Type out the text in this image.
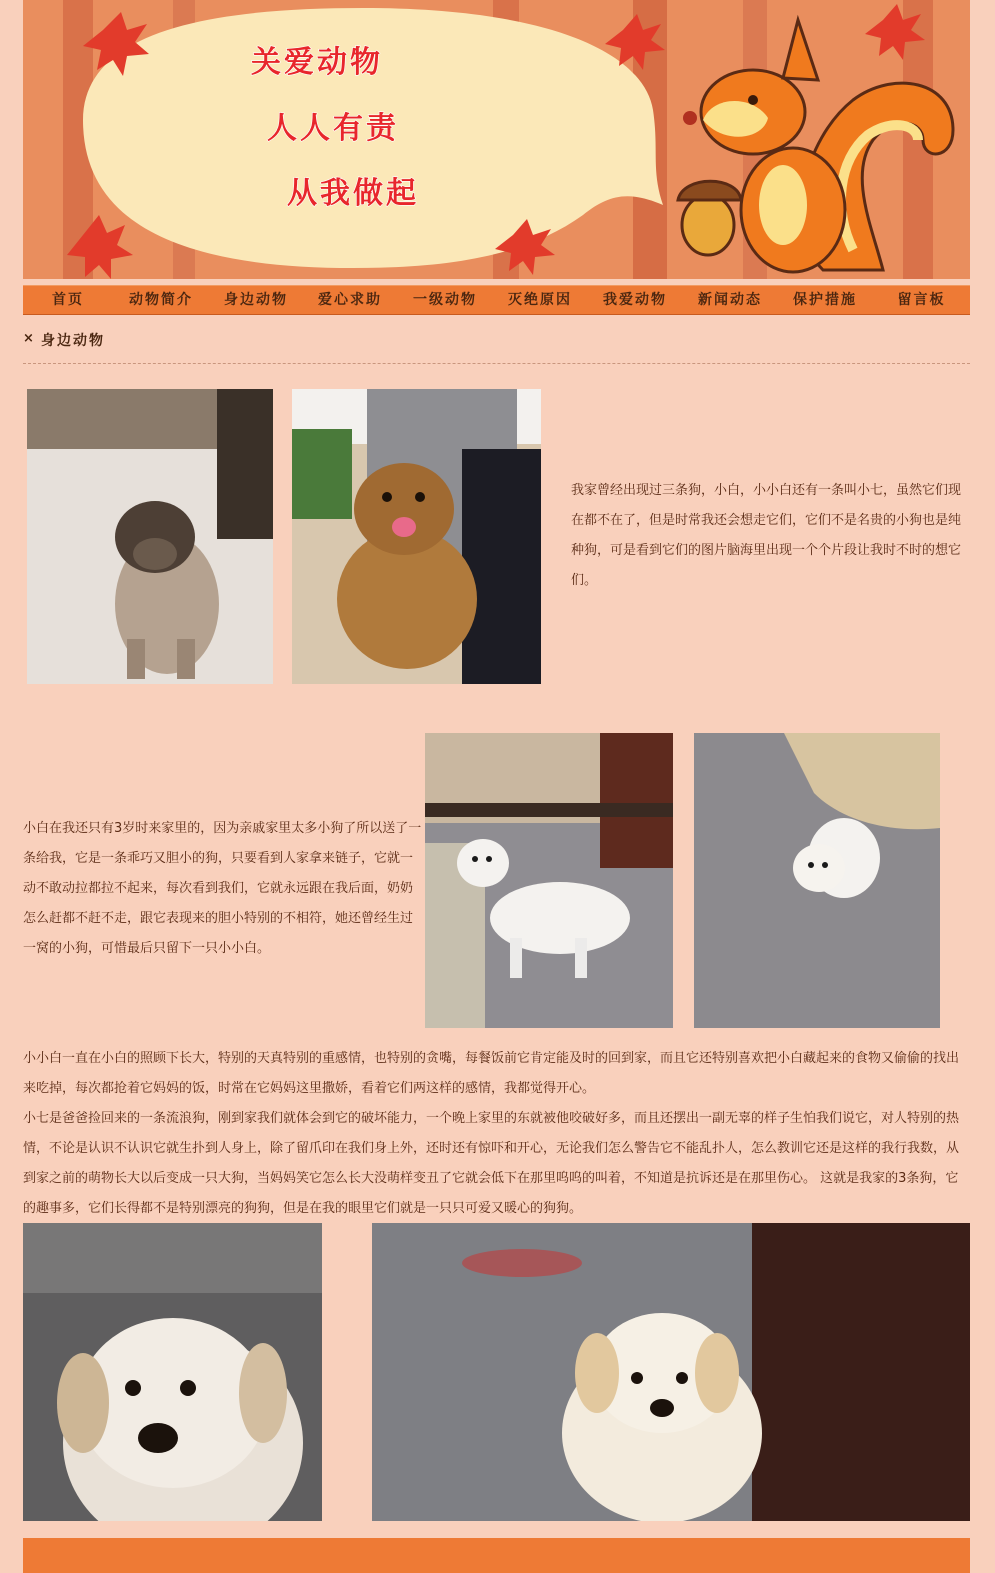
关爱动物
人人有责
从我做起
首页	动物简介	身边动物	爱心求助	一级动物	灭绝原因	我爱动物	新闻动态	保护措施	留言板
× 身边动物
我家曾经出现过三条狗，小白，小小白还有一条叫小七，虽然它们现在都不在了，但是时常我还会想走它们，它们不是名贵的小狗也是纯种狗，可是看到它们的图片脑海里出现一个个片段让我时不时的想它们。
小白在我还只有3岁时来家里的，因为亲戚家里太多小狗了所以送了一条给我，它是一条乖巧又胆小的狗，只要看到人家拿来链子，它就一动不敢动拉都拉不起来，每次看到我们，它就永远跟在我后面，奶奶怎么赶都不赶不走，跟它表现来的胆小特别的不相符，她还曾经生过一窝的小狗，可惜最后只留下一只小小白。
小小白一直在小白的照顾下长大，特别的天真特别的重感情，也特别的贪嘴，每餐饭前它肯定能及时的回到家，而且它还特别喜欢把小白藏起来的食物又偷偷的找出来吃掉，每次都抢着它妈妈的饭，时常在它妈妈这里撒娇，看着它们两这样的感情，我都觉得开心。
小七是爸爸捡回来的一条流浪狗，刚到家我们就体会到它的破坏能力，一个晚上家里的东就被他咬破好多，而且还摆出一副无辜的样子生怕我们说它，对人特别的热情，不论是认识不认识它就生扑到人身上，除了留爪印在我们身上外，还时还有惊吓和开心，无论我们怎么警告它不能乱扑人，怎么教训它还是这样的我行我数，从到家之前的萌物长大以后变成一只大狗，当妈妈笑它怎么长大没萌样变丑了它就会低下在那里呜呜的叫着，不知道是抗诉还是在那里伤心。 这就是我家的3条狗，它的趣事多，它们长得都不是特别漂亮的狗狗，但是在我的眼里它们就是一只只可爱又暖心的狗狗。
